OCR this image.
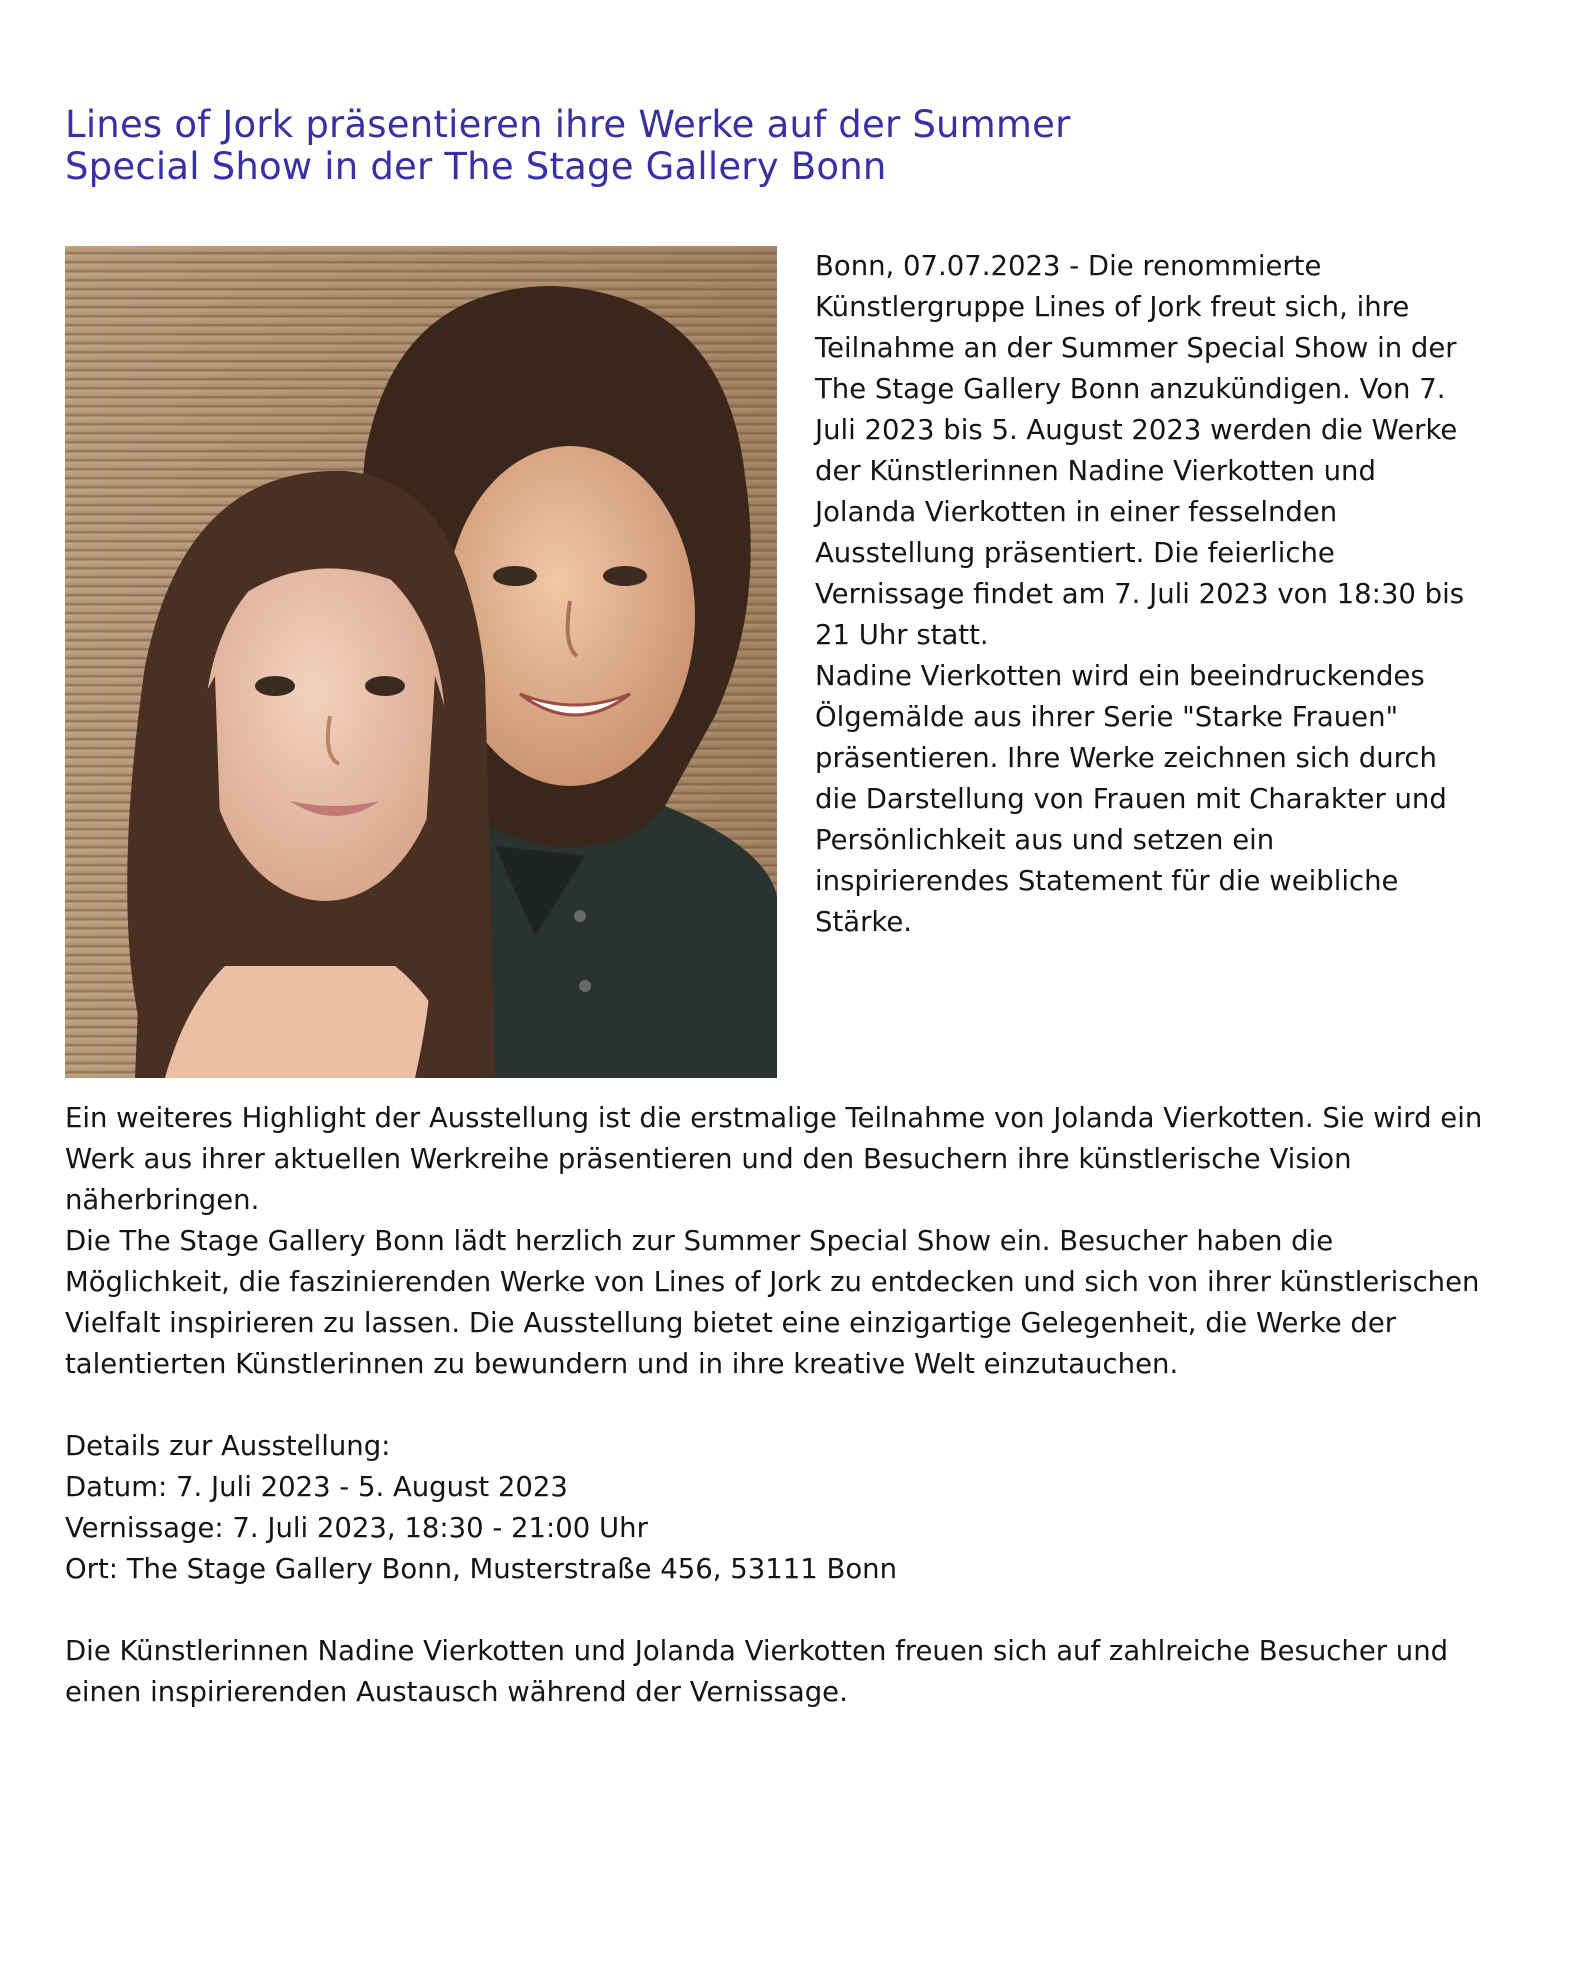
Lines of Jork präsentieren ihre Werke auf der Summer
Special Show in der The Stage Gallery Bonn

Bonn, 07.07.2023 - Die renommierte Künstlergruppe Lines of Jork freut sich, ihre Teilnahme an der Summer Special Show in der The Stage Gallery Bonn anzukündigen. Von 7. Juli 2023 bis 5. August 2023 werden die Werke der Künstlerinnen Nadine Vierkotten und Jolanda Vierkotten in einer fesselnden Ausstellung präsentiert. Die feierliche Vernissage findet am 7. Juli 2023 von 18:30 bis 21 Uhr statt.

Nadine Vierkotten wird ein beeindruckendes Ölgemälde aus ihrer Serie "Starke Frauen" präsentieren. Ihre Werke zeichnen sich durch die Darstellung von Frauen mit Charakter und Persönlichkeit aus und setzen ein inspirierendes Statement für die weibliche Stärke.

Ein weiteres Highlight der Ausstellung ist die erstmalige Teilnahme von Jolanda Vierkotten. Sie wird ein Werk aus ihrer aktuellen Werkreihe präsentieren und den Besuchern ihre künstlerische Vision näherbringen.

Die The Stage Gallery Bonn lädt herzlich zur Summer Special Show ein. Besucher haben die Möglichkeit, die faszinierenden Werke von Lines of Jork zu entdecken und sich von ihrer künstlerischen Vielfalt inspirieren zu lassen. Die Ausstellung bietet eine einzigartige Gelegenheit, die Werke der talentierten Künstlerinnen zu bewundern und in ihre kreative Welt einzutauchen.

Details zur Ausstellung:

Datum: 7. Juli 2023 - 5. August 2023

Vernissage: 7. Juli 2023, 18:30 - 21:00 Uhr

Ort: The Stage Gallery Bonn, Musterstraße 456, 53111 Bonn

Die Künstlerinnen Nadine Vierkotten und Jolanda Vierkotten freuen sich auf zahlreiche Besucher und einen inspirierenden Austausch während der Vernissage.
